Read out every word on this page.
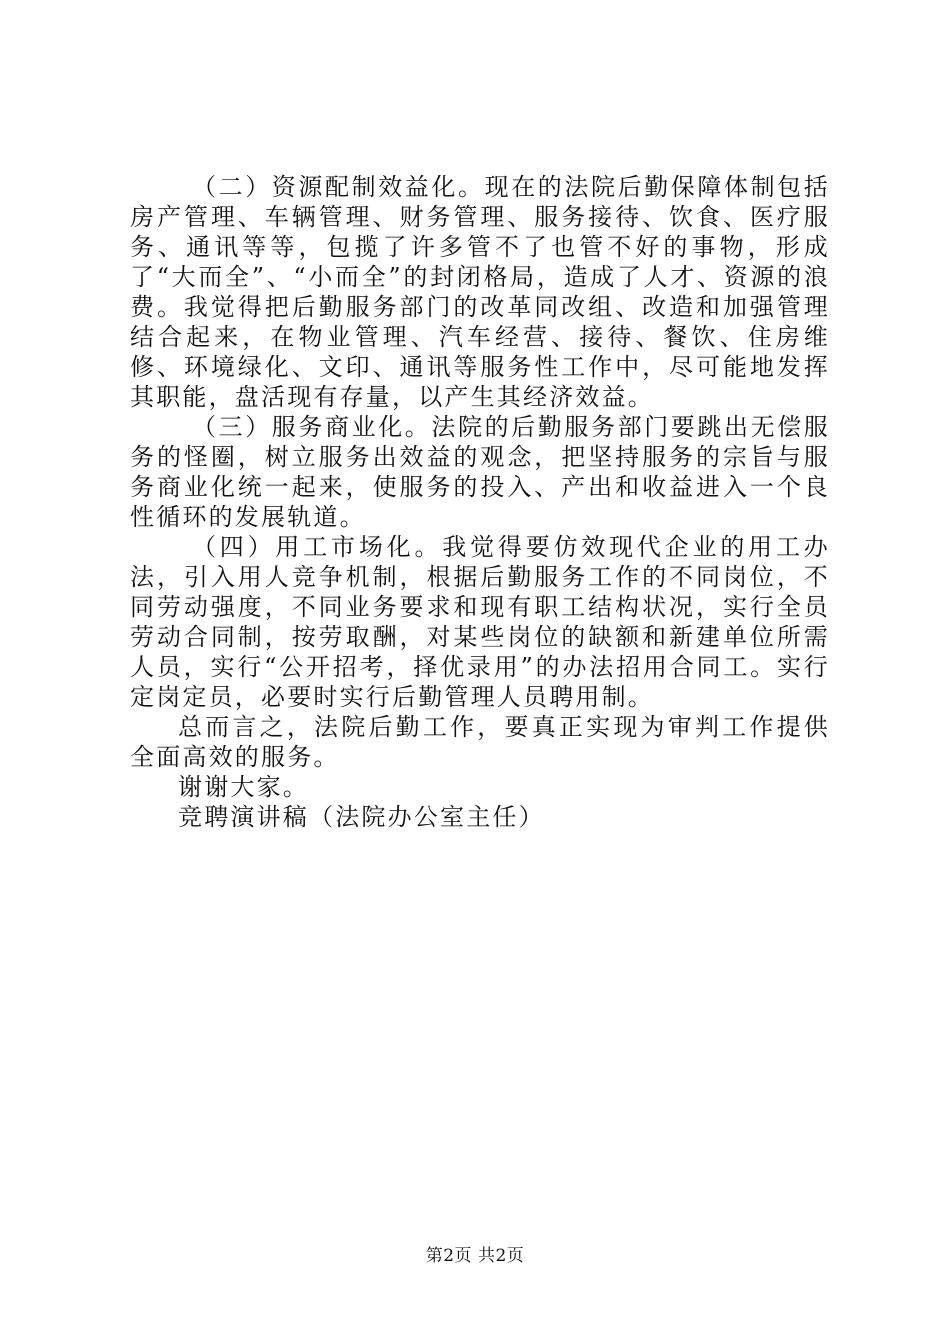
（二）资源配制效益化。现在的法院后勤保障体制包括房产管理、车辆管理、财务管理、服务接待、饮食、医疗服务、通讯等等，包揽了许多管不了也管不好的事物，形成了“大而全”、“小而全”的封闭格局，造成了人才、资源的浪费。我觉得把后勤服务部门的改革同改组、改造和加强管理结合起来，在物业管理、汽车经营、接待、餐饮、住房维修、环境绿化、文印、通讯等服务性工作中，尽可能地发挥其职能，盘活现有存量，以产生其经济效益。

（三）服务商业化。法院的后勤服务部门要跳出无偿服务的怪圈，树立服务出效益的观念，把坚持服务的宗旨与服务商业化统一起来，使服务的投入、产出和收益进入一个良性循环的发展轨道。

（四）用工市场化。我觉得要仿效现代企业的用工办法，引入用人竞争机制，根据后勤服务工作的不同岗位，不同劳动强度，不同业务要求和现有职工结构状况，实行全员劳动合同制，按劳取酬，对某些岗位的缺额和新建单位所需人员，实行“公开招考，择优录用”的办法招用合同工。实行定岗定员，必要时实行后勤管理人员聘用制。

总而言之，法院后勤工作，要真正实现为审判工作提供全面高效的服务。

谢谢大家。

竞聘演讲稿（法院办公室主任）

第2页 共2页
